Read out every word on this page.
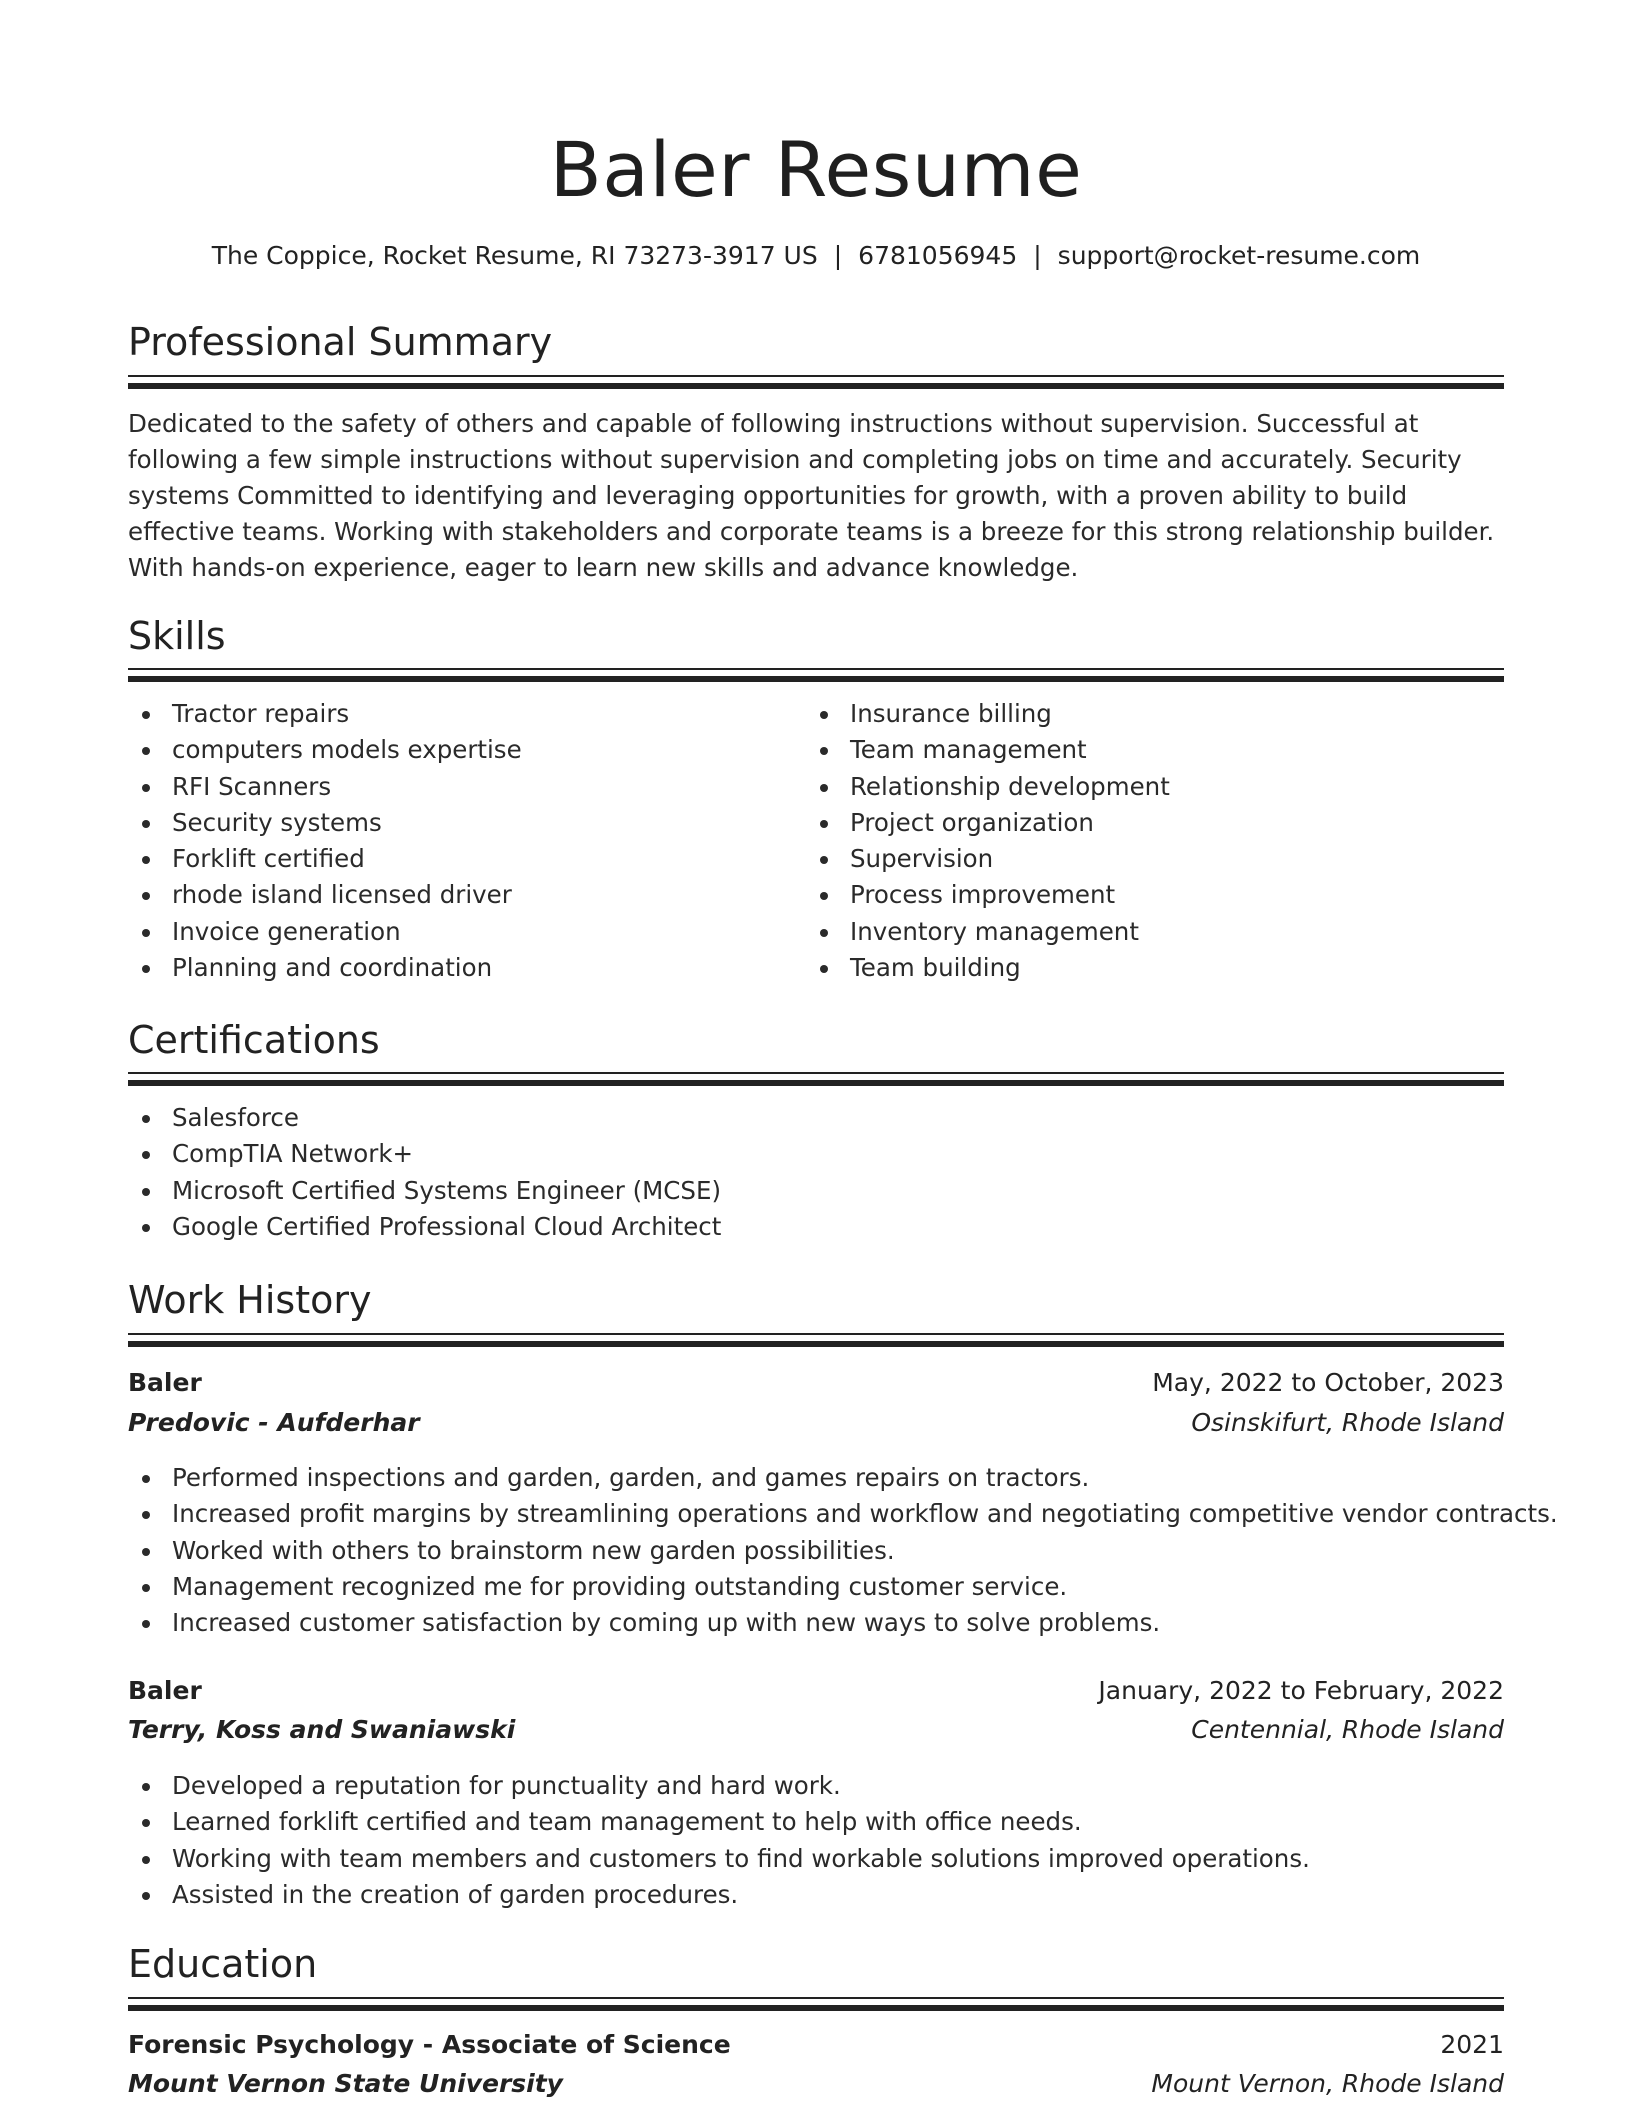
Baler Resume
The Coppice, Rocket Resume, RI 73273-3917 US | 6781056945 | support@rocket-resume.com
Professional Summary

Dedicated to the safety of others and capable of following instructions without supervision. Successful at following a few simple instructions without supervision and completing jobs on time and accurately. Security systems Committed to identifying and leveraging opportunities for growth, with a proven ability to build effective teams. Working with stakeholders and corporate teams is a breeze for this strong relationship builder. With hands-on experience, eager to learn new skills and advance knowledge.

Skills
Tractor repairs
computers models expertise
RFI Scanners
Security systems
Forklift certified
rhode island licensed driver
Invoice generation
Planning and coordination
Insurance billing
Team management
Relationship development
Project organization
Supervision
Process improvement
Inventory management
Team building
Certifications
Salesforce
CompTIA Network+
Microsoft Certified Systems Engineer (MCSE)
Google Certified Professional Cloud Architect
Work History
Baler	May, 2022 to October, 2023
Predovic - Aufderhar	Osinskifurt, Rhode Island
Performed inspections and garden, garden, and games repairs on tractors.
Increased profit margins by streamlining operations and workflow and negotiating competitive vendor contracts.
Worked with others to brainstorm new garden possibilities.
Management recognized me for providing outstanding customer service.
Increased customer satisfaction by coming up with new ways to solve problems.
Baler	January, 2022 to February, 2022
Terry, Koss and Swaniawski	Centennial, Rhode Island
Developed a reputation for punctuality and hard work.
Learned forklift certified and team management to help with office needs.
Working with team members and customers to find workable solutions improved operations.
Assisted in the creation of garden procedures.
Education
Forensic Psychology - Associate of Science	2021
Mount Vernon State University	Mount Vernon, Rhode Island
